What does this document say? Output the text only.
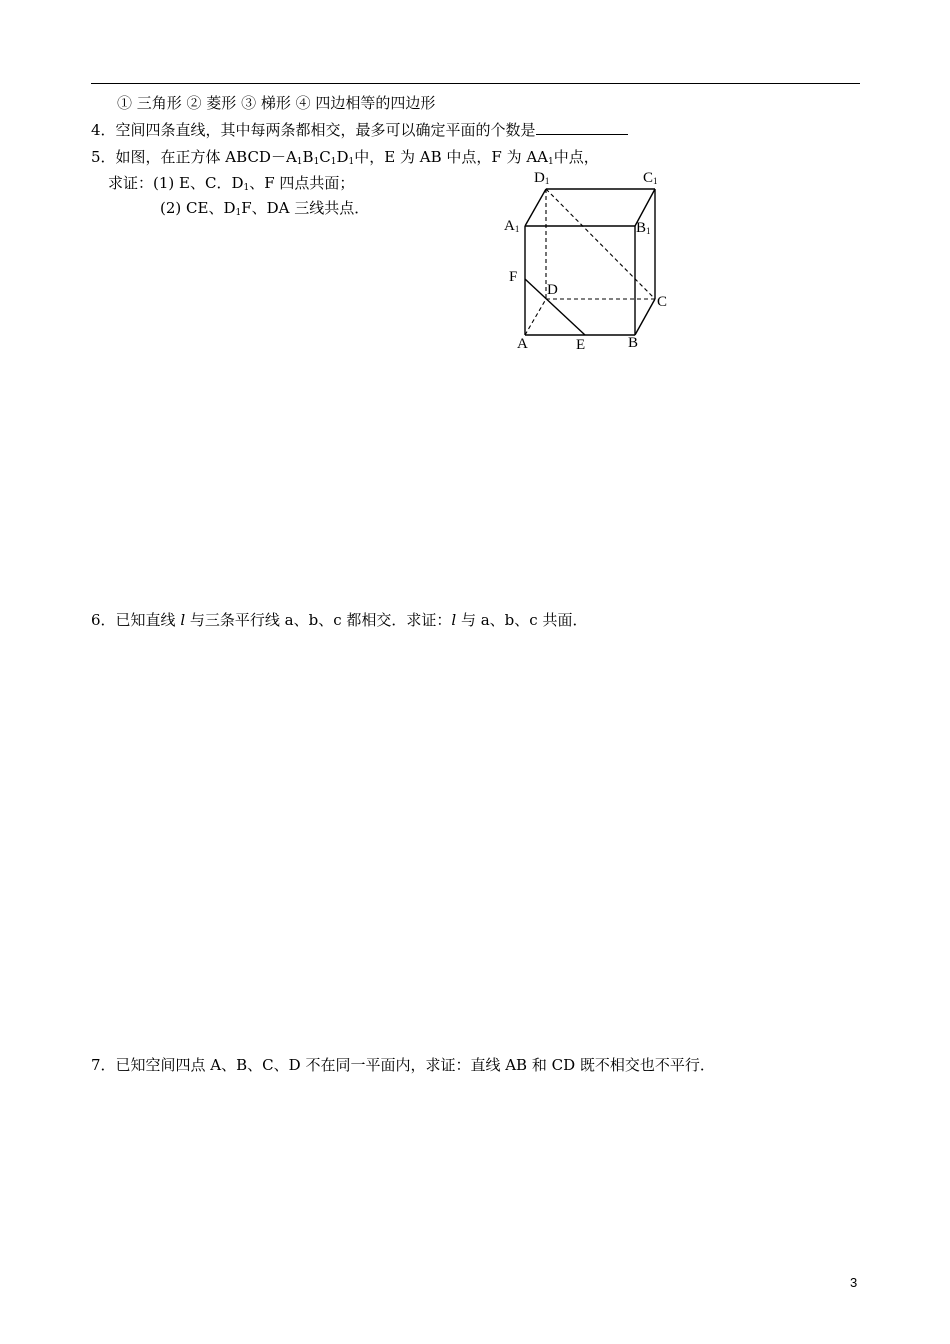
① 三角形 ② 菱形 ③ 梯形 ④ 四边相等的四边形
4．空间四条直线，其中每两条都相交，最多可以确定平面的个数是
5．如图，在正方体 $ABCD-A_1B_1C_1D_1$中，E 为 AB 中点，F 为 $AA_1$中点，
求证：(1) E、C．$D_1$、F 四点共面；
(2) CE、$D_1F$、DA 三线共点．
D1	C1
A1	B1
F
D
C
A	E	B
6．已知直线 l 与三条平行线 a、b、c 都相交．求证：l 与 a、b、c 共面．
7．已知空间四点 A、B、C、D 不在同一平面内，求证：直线 AB 和 CD 既不相交也不平行．
3
